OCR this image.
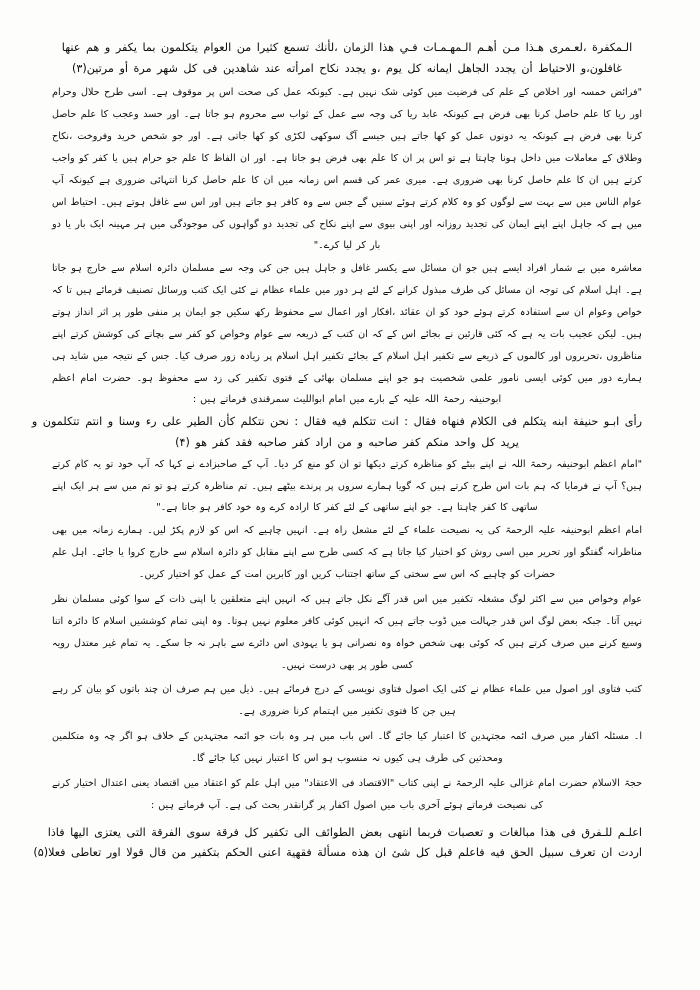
الـمكفرة ،لعـمرى هـذا مـن أهـم الـمهـمـات فـي هذا الزمان ،لأنك تسمع كثيرا من العوام يتكلمون بما يكفر و هم عنها
غافلون،و الاحتياط أن يجدد الجاهل ايمانه كل يوم ،و يجدد نكاح امرأته عند شاهدين فى كل شهر مرة أو مرتين(۳)

"فرائض خمسہ اور اخلاص کے علم کی فرضیت میں کوئی شک نہیں ہے۔ کیونکہ عمل کی صحت اس پر موقوف ہے۔ اسی طرح حلال وحرام اور ریا کا علم حاصل کرنا بھی فرض ہے کیونکہ عابد ریا کی وجہ سے عمل کے ثواب سے محروم ہو جاتا ہے۔ اور حسد وعجب کا علم حاصل کرنا بھی فرض ہے کیونکہ یہ دونوں عمل کو کھا جاتے ہیں جیسے آگ سوکھی لکڑی کو کھا جاتی ہے۔ اور جو شخص خرید وفروخت ،نکاح وطلاق کے معاملات میں داخل ہونا چاہتا ہے تو اس پر ان کا علم بھی فرض ہو جاتا ہے۔ اور ان الفاظ کا علم جو حرام ہیں یا کفر کو واجب کرتے ہیں ان کا علم حاصل کرنا بھی ضروری ہے۔ میری عمر کی قسم اس زمانہ میں ان کا علم حاصل کرنا انتہائی ضروری ہے کیونکہ آپ عوام الناس میں سے بہت سے لوگوں کو وہ کلام کرتے ہوئے سنیں گے جس سے وہ کافر ہو جاتے ہیں اور اس سے غافل ہوتے ہیں۔ احتیاط اس میں ہے کہ جاہل اپنے اپنے ایمان کی تجدید روزانہ اور اپنی بیوی سے اپنے نکاح کی تجدید دو گواہوں کی موجودگی میں ہر مہینہ ایک بار یا دو بار کر لیا کرے۔"

معاشرہ میں بے شمار افراد ایسے ہیں جو ان مسائل سے یکسر غافل و جاہل ہیں جن کی وجہ سے مسلمان دائرہ اسلام سے خارج ہو جاتا ہے۔ اہل اسلام کی توجہ ان مسائل کی طرف مبذول کرانے کے لئے ہر دور میں علماء عظام نے کئی ایک کتب ورسائل تصنیف فرمائے ہیں تا کہ خواص وعوام ان سے استفادہ کرتے ہوئے خود کو ان عقائد ،افکار اور اعمال سے محفوظ رکھ سکیں جو ایمان پر منفی طور پر اثر انداز ہوتے ہیں۔ لیکن عجیب بات یہ ہے کہ کئی قارئین نے بجائے اس کے کہ ان کتب کے ذریعہ سے عوام وخواص کو کفر سے بچانے کی کوشش کرتے اپنے مناظروں ،تحریروں اور کالموں کے ذریعے سے تکفیر اہل اسلام کے بجائے تکفیر اہل اسلام پر زیادہ زور صرف کیا۔ جس کے نتیجہ میں شاید ہی ہمارے دور میں کوئی ایسی نامور علمی شخصیت ہو جو اپنے مسلمان بھائی کے فتوی تکفیر کی زد سے محفوظ ہو۔ حضرت امام اعظم ابوحنیفہ رحمۃ اللہ علیہ کے بارے میں امام ابواللیث سمرقندی فرماتے ہیں :

رأى ابـو حنيفة ابنه يتكلم فى الكلام فنهاه فقال : انت تتكلم فيه فقال : نحن نتكلم كأن الطير على رء وسنا و انتم تتكلمون و
يريد كل واحد منكم كفر صاحبه و من اراد كفر صاحبه فقد كفر هو (۴)

"امام اعظم ابوحنیفہ رحمۃ اللہ نے اپنے بیٹے کو مناظرہ کرتے دیکھا تو ان کو منع کر دیا۔ آپ کے صاحبزادے نے کہا کہ آپ خود تو یہ کام کرتے ہیں؟ آپ نے فرمایا کہ ہم بات اس طرح کرتے ہیں کہ گویا ہمارے سروں پر پرندے بیٹھے ہیں۔ تم مناظرہ کرتے ہو تو تم میں سے ہر ایک اپنے ساتھی کا کفر چاہتا ہے۔ جو اپنے ساتھی کے لئے کفر کا ارادہ کرے وہ خود کافر ہو جاتا ہے۔"

امام اعظم ابوحنیفہ علیہ الرحمۃ کی یہ نصیحت علماء کے لئے مشعل راہ ہے۔ انہیں چاہیے کہ اس کو لازم پکڑ لیں۔ ہمارے زمانہ میں بھی مناظرانہ گفتگو اور تحریر میں اسی روش کو اختیار کیا جاتا ہے کہ کسی طرح سے اپنے مقابل کو دائرہ اسلام سے خارج کروا یا جائے۔ اہل علم حضرات کو چاہیے کہ اس سے سختی کے ساتھ اجتناب کریں اور کابرین امت کے عمل کو اختیار کریں۔

عوام وخواص میں سے اکثر لوگ مشغلہ تکفیر میں اس قدر آگے نکل جاتے ہیں کہ انہیں اپنے متعلقین یا اپنی ذات کے سوا کوئی مسلمان نظر نہیں آتا۔ جبکہ بعض لوگ اس قدر جہالت میں ڈوب جاتے ہیں کہ انہیں کوئی کافر معلوم نہیں ہوتا۔ وہ اپنی تمام کوششیں اسلام کا دائرہ اتنا وسیع کرنے میں صرف کرتے ہیں کہ کوئی بھی شخص خواہ وہ نصرانی ہو یا یہودی اس دائرے سے باہر نہ جا سکے۔ یہ تمام غیر معتدل رویہ کسی طور پر بھی درست نہیں۔

کتب فتاوی اور اصول میں علماء عظام نے کئی ایک اصول فتاوی نویسی کے درج فرمائے ہیں۔ ذیل میں ہم صرف ان چند باتوں کو بیان کر رہے ہیں جن کا فتوی تکفیر میں اہتمام کرنا ضروری ہے۔

ا۔ مسئلہ اکفار میں صرف ائمہ مجتہدین کا اعتبار کیا جائے گا۔ اس باب میں ہر وہ بات جو ائمہ مجتہدین کے خلاف ہو اگر چہ وہ متکلمین ومحدثین کی طرف ہی کیوں نہ منسوب ہو اس کا اعتبار نہیں کیا جائے گا۔

حجۃ الاسلام حضرت امام غزالی علیہ الرحمۃ نے اپنی کتاب "الاقتصاد فی الاعتقاد" میں اہل علم کو اعتقاد میں اقتصاد یعنی اعتدال اختیار کرنے کی نصیحت فرماتے ہوئے آخری باب میں اصول اکفار پر گرانقدر بحث کی ہے۔ آپ فرماتے ہیں :

اعلـم للـفرق فى هذا مبالغات و تعصبات فربما انتهى بعض الطوائف الى تكفير كل فرقة سوى الفرقة التى يعتزى اليها فاذا
اردت ان تعرف سبيل الحق فيه فاعلم قبل كل شئ ان هذه مسألة فقهية اعنى الحكم بتكفير من قال قولا اور تعاطى فعلا(۵)
